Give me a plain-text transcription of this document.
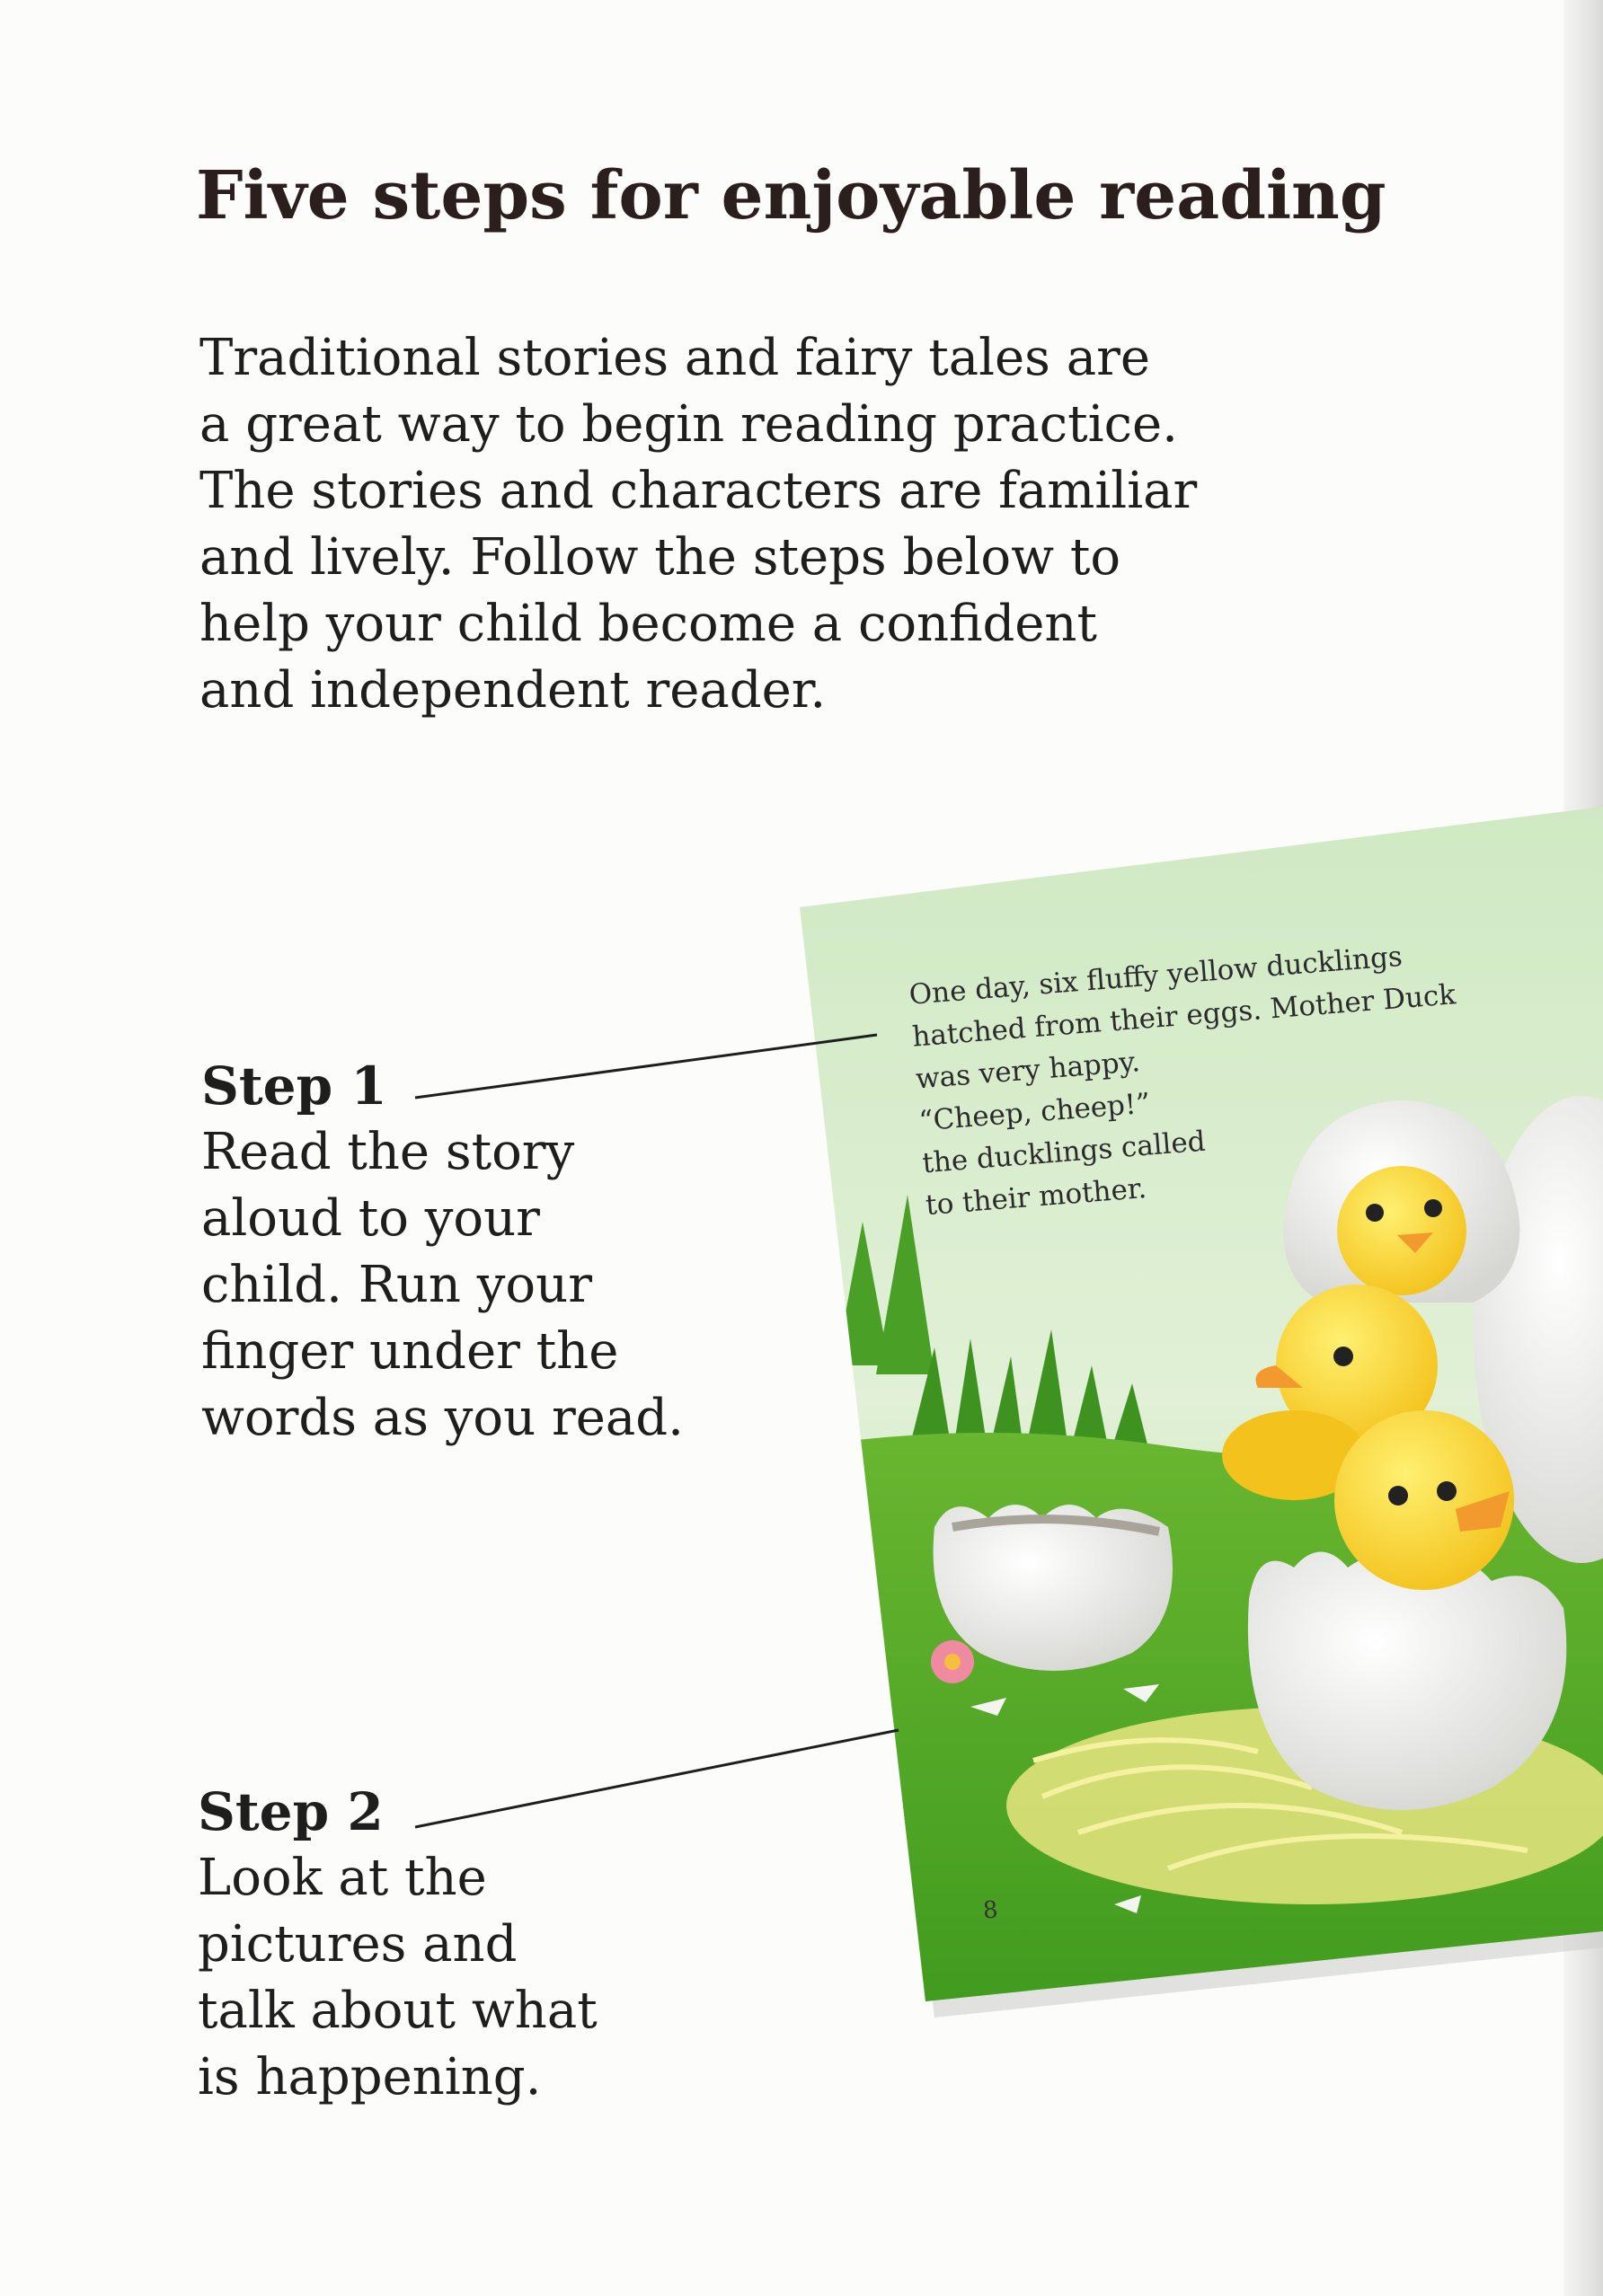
Five steps for enjoyable reading

Traditional stories and fairy tales are
a great way to begin reading practice.
The stories and characters are familiar
and lively. Follow the steps below to
help your child become a confident
and independent reader.

One day, six fluffy yellow ducklings
hatched from their eggs. Mother Duck
was very happy.
“Cheep, cheep!”
the ducklings called
to their mother.

8

Step 1

Read the story
aloud to your
child. Run your
finger under the
words as you read.

Step 2

Look at the
pictures and
talk about what
is happening.
